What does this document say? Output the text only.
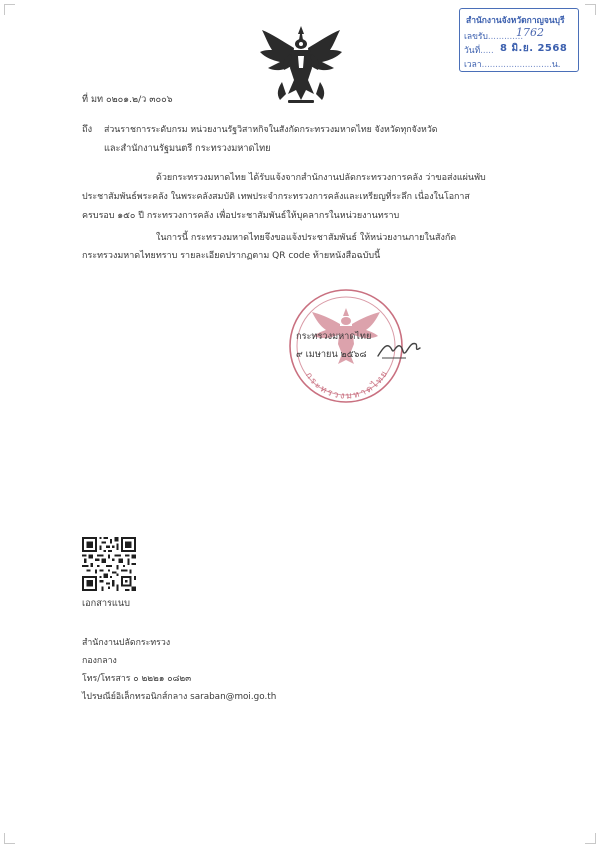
สำนักงานจังหวัดกาญจนบุรี
เลขรับ.............
1762
วันที่..... 8 มิ.ย. 2568
เวลา..........................น.
ที่ มท ๐๒๐๑.๒/ว ๓๐๐๖
ถึง ส่วนราชการระดับกรม หน่วยงานรัฐวิสาหกิจในสังกัดกระทรวงมหาดไทย จังหวัดทุกจังหวัด
และสำนักงานรัฐมนตรี กระทรวงมหาดไทย
ด้วยกระทรวงมหาดไทย ได้รับแจ้งจากสำนักงานปลัดกระทรวงการคลัง ว่าขอส่งแผ่นพับ
ประชาสัมพันธ์พระคลัง ในพระคลังสมบัติ เทพประจำกระทรวงการคลังและเหรียญที่ระลึก เนื่องในโอกาส
ครบรอบ ๑๕๐ ปี กระทรวงการคลัง เพื่อประชาสัมพันธ์ให้บุคลากรในหน่วยงานทราบ
ในการนี้ กระทรวงมหาดไทยจึงขอแจ้งประชาสัมพันธ์ ให้หน่วยงานภายในสังกัด
กระทรวงมหาดไทยทราบ รายละเอียดปรากฏตาม QR code ท้ายหนังสือฉบับนี้
กระทรวงมหาดไทย
กระทรวงมหาดไทย
๙ เมษายน ๒๕๖๘
เอกสารแนบ
สำนักงานปลัดกระทรวง
กองกลาง
โทร/โทรสาร ๐ ๒๒๒๑ ๐๘๒๓
ไปรษณีย์อิเล็กทรอนิกส์กลาง saraban@moi.go.th
